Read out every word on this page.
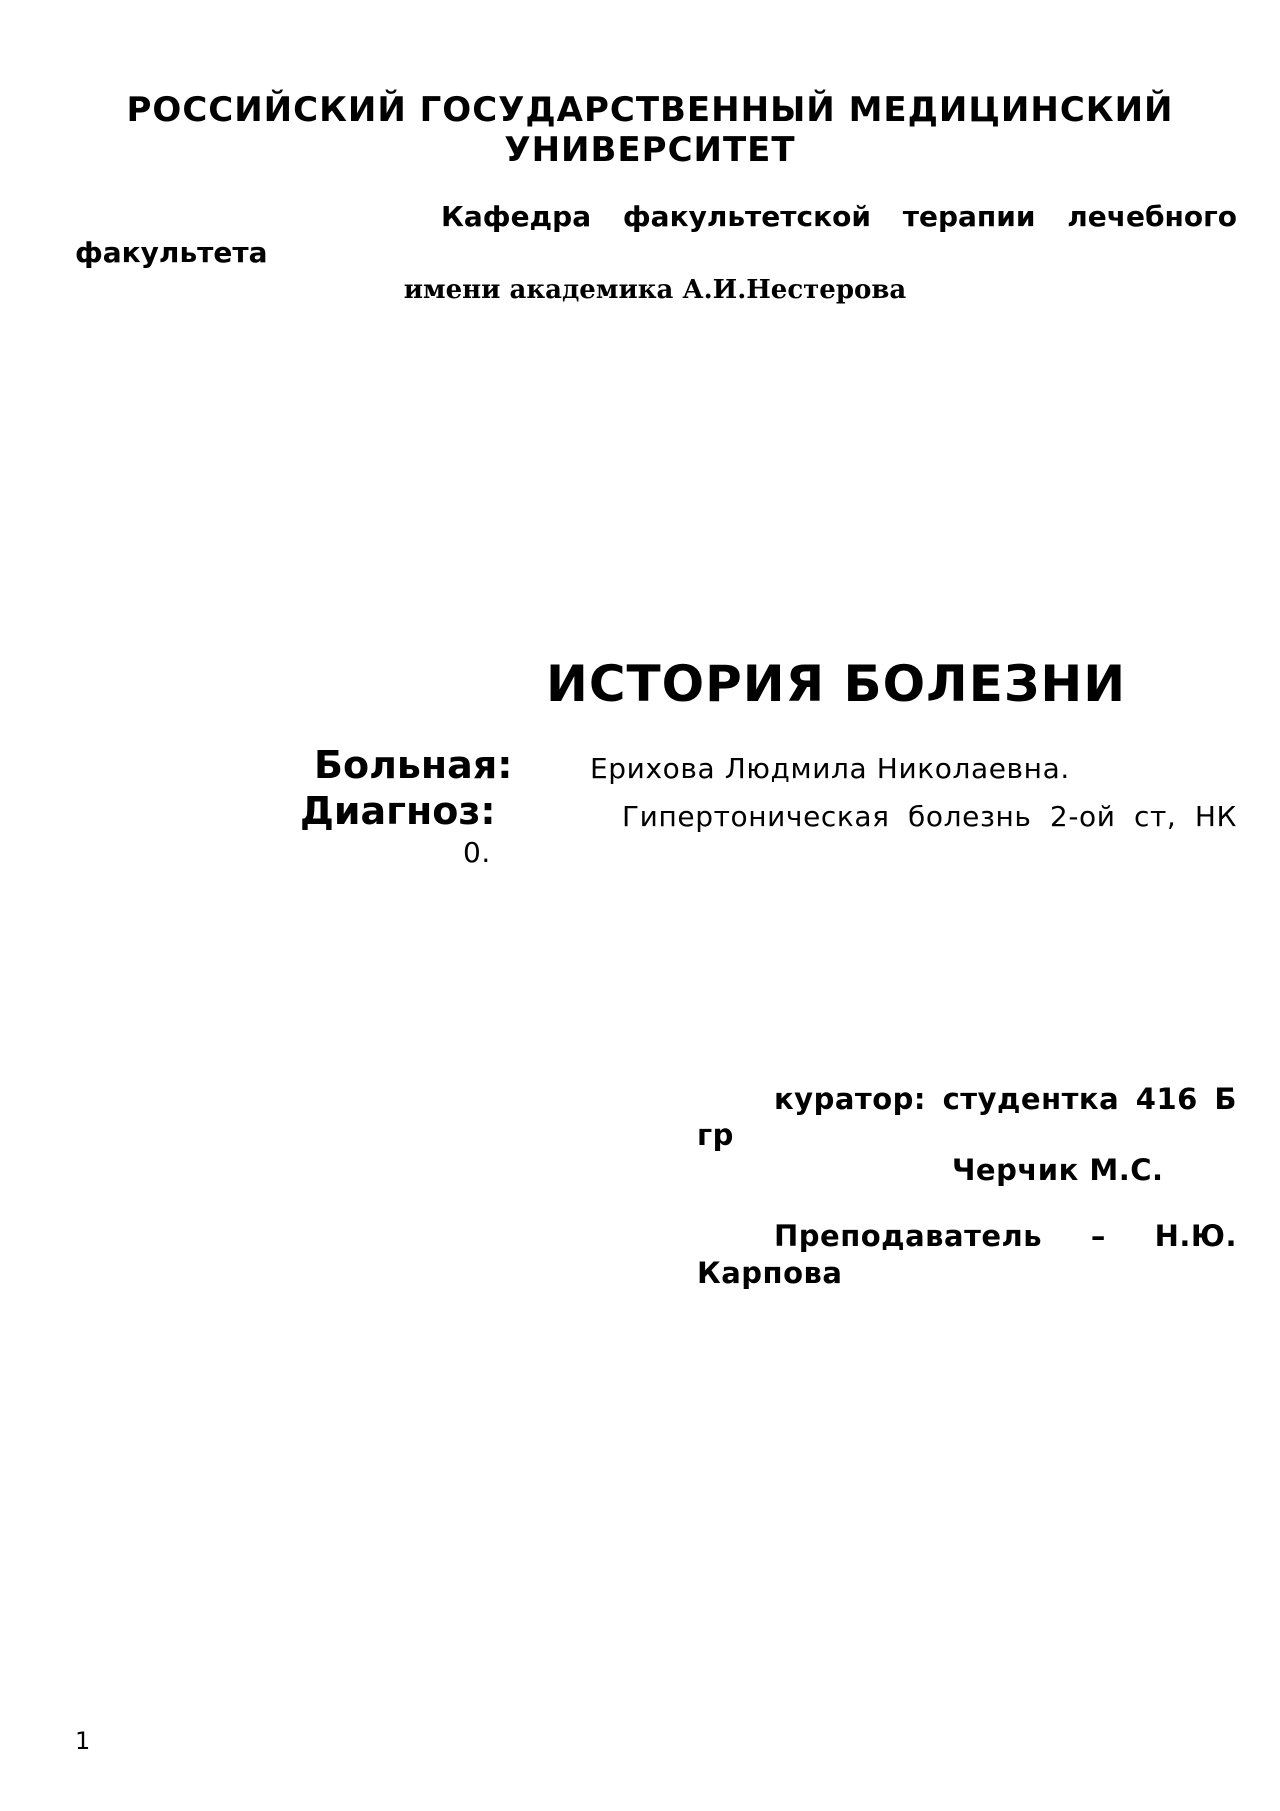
РОССИЙСКИЙ ГОСУДАРСТВЕННЫЙ МЕДИЦИНСКИЙ
УНИВЕРСИТЕТ
Кафедра факультетской терапии лечебного
факультета
имени академика А.И.Нестерова
ИСТОРИЯ БОЛЕЗНИ
Больная:	Ерихова Людмила Николаевна.
Диагноз:	Гипертоническая болезнь 2-ой ст, НК
0.
куратор: студентка 416 Б
гр
Черчик М.С.
Преподаватель – Н.Ю.
Карпова
1
